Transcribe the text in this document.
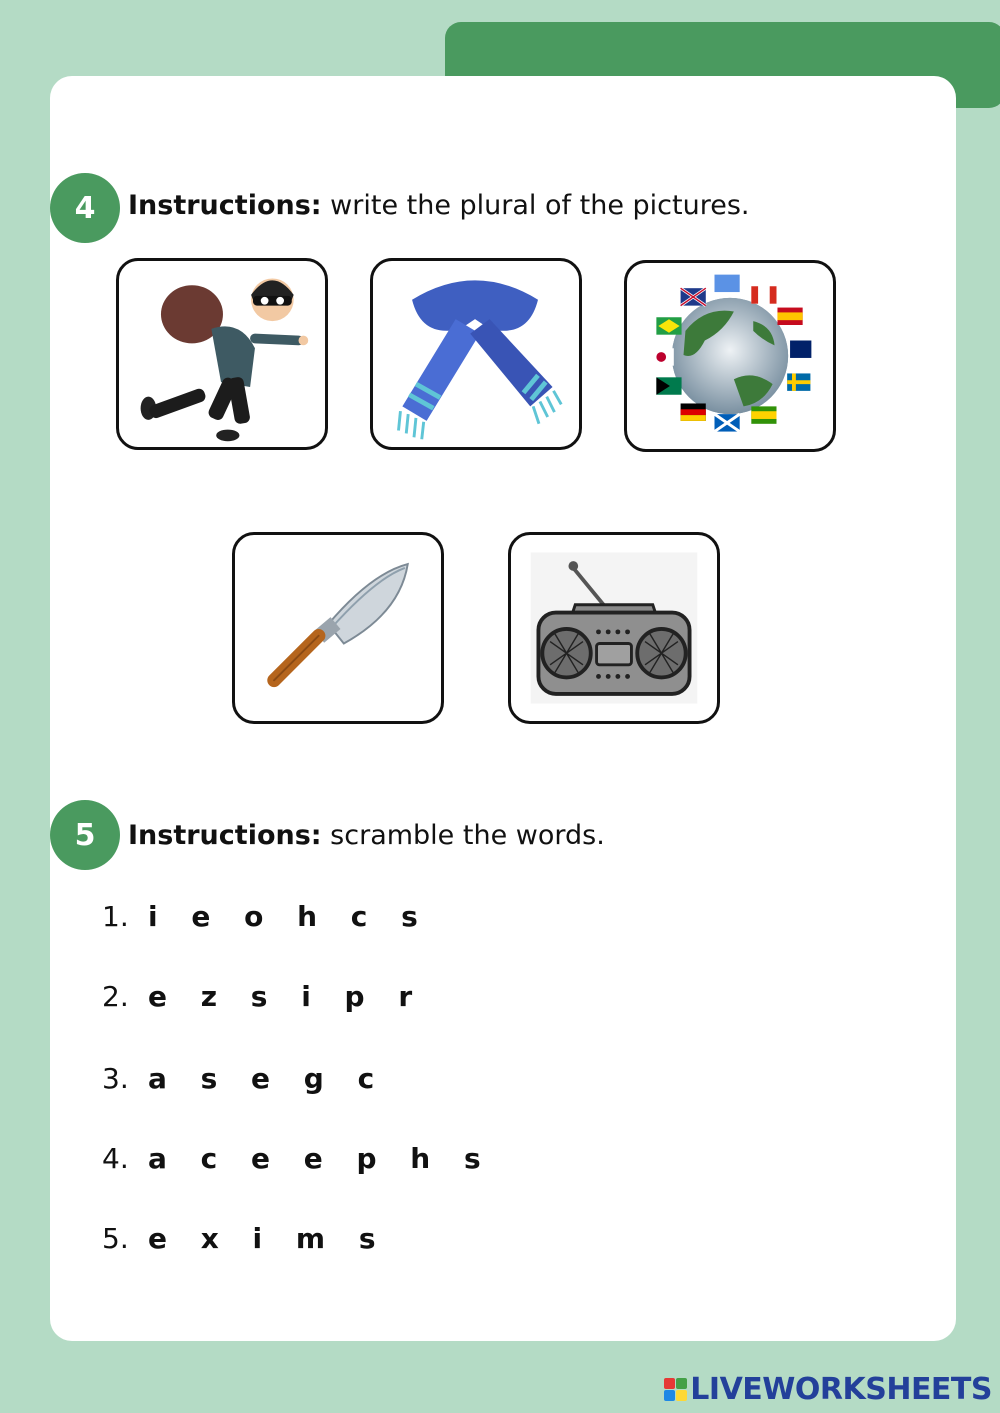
4	Instructions: write the plural of the pictures.
5	Instructions: scramble the words.
1. i e o h c s
2. e z s i p r
3. a s e g c
4. a c e e p h s
5. e x i m s
LIVEWORKSHEETS
